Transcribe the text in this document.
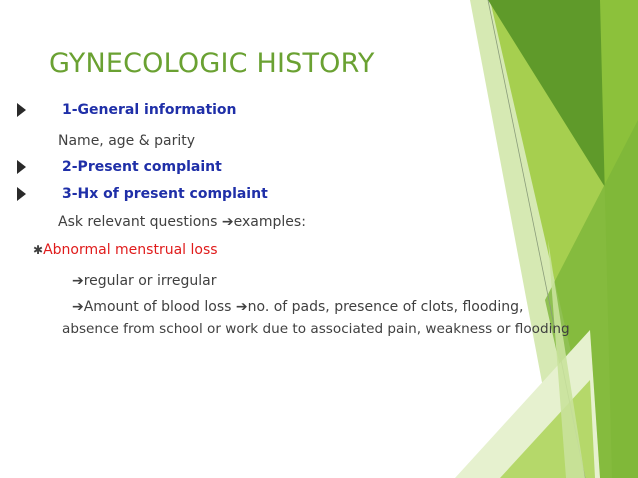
GYNECOLOGIC HISTORY
1-General information
Name, age & parity
2-Present complaint
3-Hx of present complaint
Ask relevant questions ➔examples:
✱Abnormal menstrual loss
➔regular or irregular
➔Amount of blood loss ➔no. of pads, presence of clots, flooding,
absence from school or work due to associated pain, weakness or flooding
